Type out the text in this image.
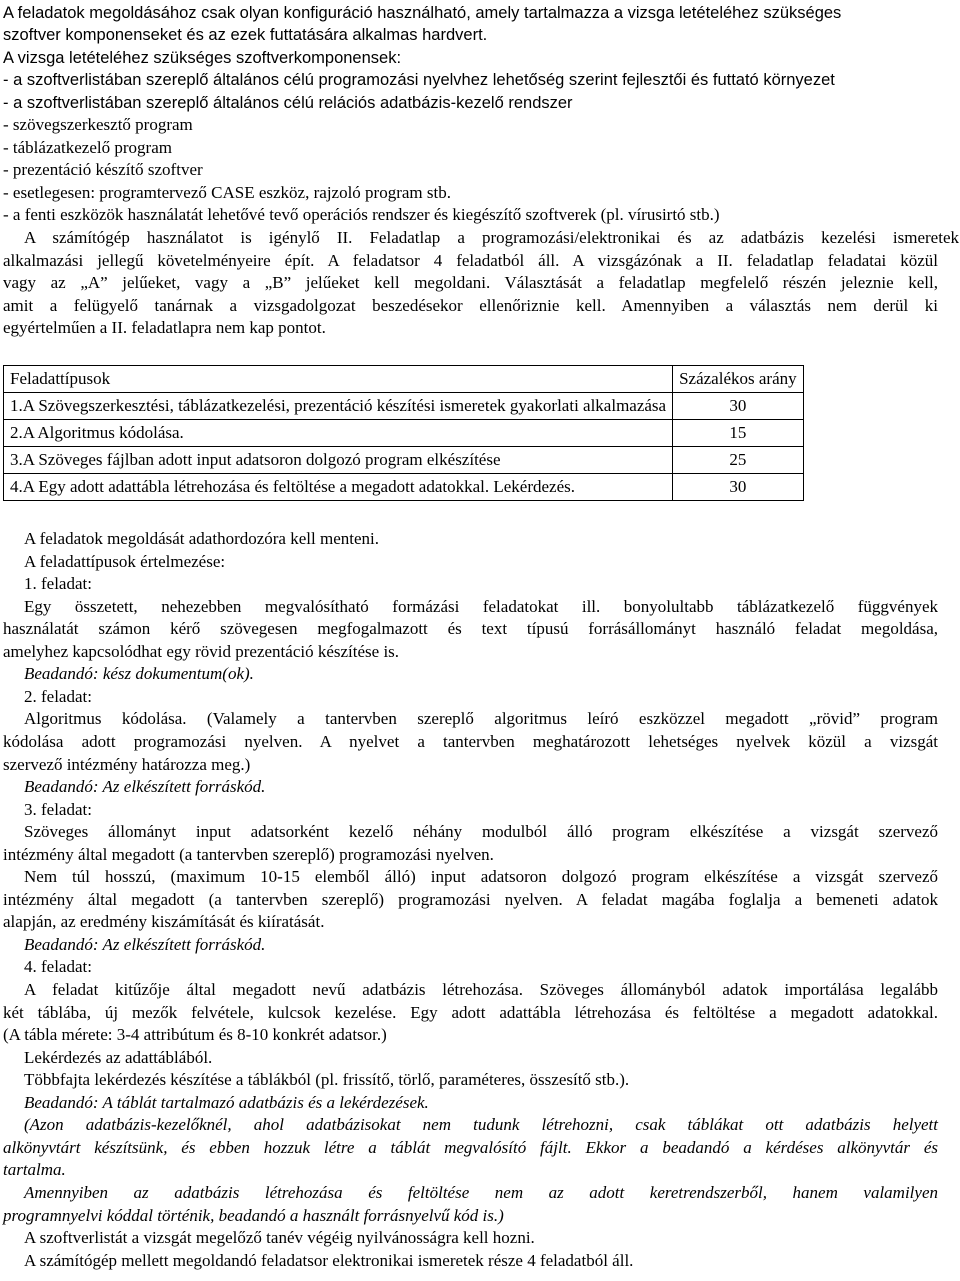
A feladatok megoldásához csak olyan konfiguráció használható, amely tartalmazza a vizsga letételéhez szükséges
szoftver komponenseket és az ezek futtatására alkalmas hardvert.
A vizsga letételéhez szükséges szoftverkomponensek:
- a szoftverlistában szereplő általános célú programozási nyelvhez lehetőség szerint fejlesztői és futtató környezet
- a szoftverlistában szereplő általános célú relációs adatbázis-kezelő rendszer
- szövegszerkesztő program
- táblázatkezelő program
- prezentáció készítő szoftver
- esetlegesen: programtervező CASE eszköz, rajzoló program stb.
- a fenti eszközök használatát lehetővé tevő operációs rendszer és kiegészítő szoftverek (pl. vírusirtó stb.)
A számítógép használatot is igénylő II. Feladatlap a programozási/elektronikai és az adatbázis kezelési ismeretek
alkalmazási jellegű követelményeire épít. A feladatsor 4 feladatból áll. A vizsgázónak a II. feladatlap feladatai közül
vagy az „A” jelűeket, vagy a „B” jelűeket kell megoldani. Választását a feladatlap megfelelő részén jeleznie kell,
amit a felügyelő tanárnak a vizsgadolgozat beszedésekor ellenőriznie kell. Amennyiben a választás nem derül ki
egyértelműen a II. feladatlapra nem kap pontot.
Feladattípusok	Százalékos arány
1.A Szövegszerkesztési, táblázatkezelési, prezentáció készítési ismeretek gyakorlati alkalmazása	30
2.A Algoritmus kódolása.	15
3.A Szöveges fájlban adott input adatsoron dolgozó program elkészítése	25
4.A Egy adott adattábla létrehozása és feltöltése a megadott adatokkal. Lekérdezés.	30
A feladatok megoldását adathordozóra kell menteni.
A feladattípusok értelmezése:
1. feladat:
Egy összetett, nehezebben megvalósítható formázási feladatokat ill. bonyolultabb táblázatkezelő függvények
használatát számon kérő szövegesen megfogalmazott és text típusú forrásállományt használó feladat megoldása,
amelyhez kapcsolódhat egy rövid prezentáció készítése is.
Beadandó: kész dokumentum(ok).
2. feladat:
Algoritmus kódolása. (Valamely a tantervben szereplő algoritmus leíró eszközzel megadott „rövid” program
kódolása adott programozási nyelven. A nyelvet a tantervben meghatározott lehetséges nyelvek közül a vizsgát
szervező intézmény határozza meg.)
Beadandó: Az elkészített forráskód.
3. feladat:
Szöveges állományt input adatsorként kezelő néhány modulból álló program elkészítése a vizsgát szervező
intézmény által megadott (a tantervben szereplő) programozási nyelven.
Nem túl hosszú, (maximum 10-15 elemből álló) input adatsoron dolgozó program elkészítése a vizsgát szervező
intézmény által megadott (a tantervben szereplő) programozási nyelven. A feladat magába foglalja a bemeneti adatok
alapján, az eredmény kiszámítását és kiíratását.
Beadandó: Az elkészített forráskód.
4. feladat:
A feladat kitűzője által megadott nevű adatbázis létrehozása. Szöveges állományból adatok importálása legalább
két táblába, új mezők felvétele, kulcsok kezelése. Egy adott adattábla létrehozása és feltöltése a megadott adatokkal.
(A tábla mérete: 3-4 attribútum és 8-10 konkrét adatsor.)
Lekérdezés az adattáblából.
Többfajta lekérdezés készítése a táblákból (pl. frissítő, törlő, paraméteres, összesítő stb.).
Beadandó: A táblát tartalmazó adatbázis és a lekérdezések.
(Azon adatbázis-kezelőknél, ahol adatbázisokat nem tudunk létrehozni, csak táblákat ott adatbázis helyett
alkönyvtárt készítsünk, és ebben hozzuk létre a táblát megvalósító fájlt. Ekkor a beadandó a kérdéses alkönyvtár és
tartalma.
Amennyiben az adatbázis létrehozása és feltöltése nem az adott keretrendszerből, hanem valamilyen
programnyelvi kóddal történik, beadandó a használt forrásnyelvű kód is.)
A szoftverlistát a vizsgát megelőző tanév végéig nyilvánosságra kell hozni.
A számítógép mellett megoldandó feladatsor elektronikai ismeretek része 4 feladatból áll.
